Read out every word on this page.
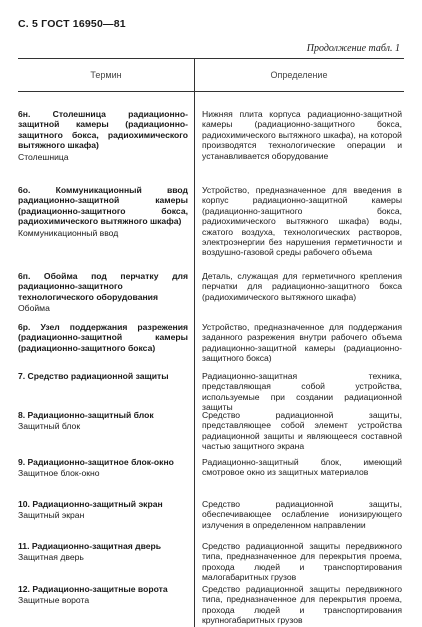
С. 5 ГОСТ 16950—81
Продолжение табл. 1
Термин	Определение
6н. Столешница радиационно-защитной камеры (радиационно-защитного бокса, радиохимического вытяжного шкафа)
Столешница
Нижняя плита корпуса радиационно-защитной камеры (радиационно-защитного бокса, радиохимического вытяжного шкафа), на которой производятся технологические операции и устанавливается оборудование
6о. Коммуникационный ввод радиационно-защитной камеры (радиационно-защитного бокса, радиохимического вытяжного шкафа)
Коммуникационный ввод
Устройство, предназначенное для введения в корпус радиационно-защитной камеры (радиационно-защитного бокса, радиохимического вытяжного шкафа) воды, сжатого воздуха, технологических растворов, электроэнергии без нарушения герметичности и воздушно-газовой среды рабочего объема
6п. Обойма под перчатку для радиационно-защитного технологического оборудования
Обойма
Деталь, служащая для герметичного крепления перчатки для радиационно-защитного бокса (радиохимического вытяжного шкафа)
6р. Узел поддержания разрежения (радиационно-защитной камеры (радиационно-защитного бокса)
Устройство, предназначенное для поддержания заданного разрежения внутри рабочего объема радиационно-защитной камеры (радиационно-защитного бокса)
7. Средство радиационной защиты	Радиационно-защитная техника, представляющая собой устройства, используемые при создании радиационной защиты
8. Радиационно-защитный блок
Защитный блок
Средство радиационной защиты, представляющее собой элемент устройства радиационной защиты и являющееся составной частью защитного экрана
9. Радиационно-защитное блок-окно
Защитное блок-окно
Радиационно-защитный блок, имеющий смотровое окно из защитных материалов
10. Радиационно-защитный экран
Защитный экран
Средство радиационной защиты, обеспечивающее ослабление ионизирующего излучения в определенном направлении
11. Радиационно-защитная дверь
Защитная дверь
Средство радиационной защиты передвижного типа, предназначенное для перекрытия проема, прохода людей и транспортирования малогабаритных грузов
12. Радиационно-защитные ворота
Защитные ворота
Средство радиационной защиты передвижного типа, предназначенное для перекрытия проема, прохода людей и транспортирования крупногабаритных грузов
